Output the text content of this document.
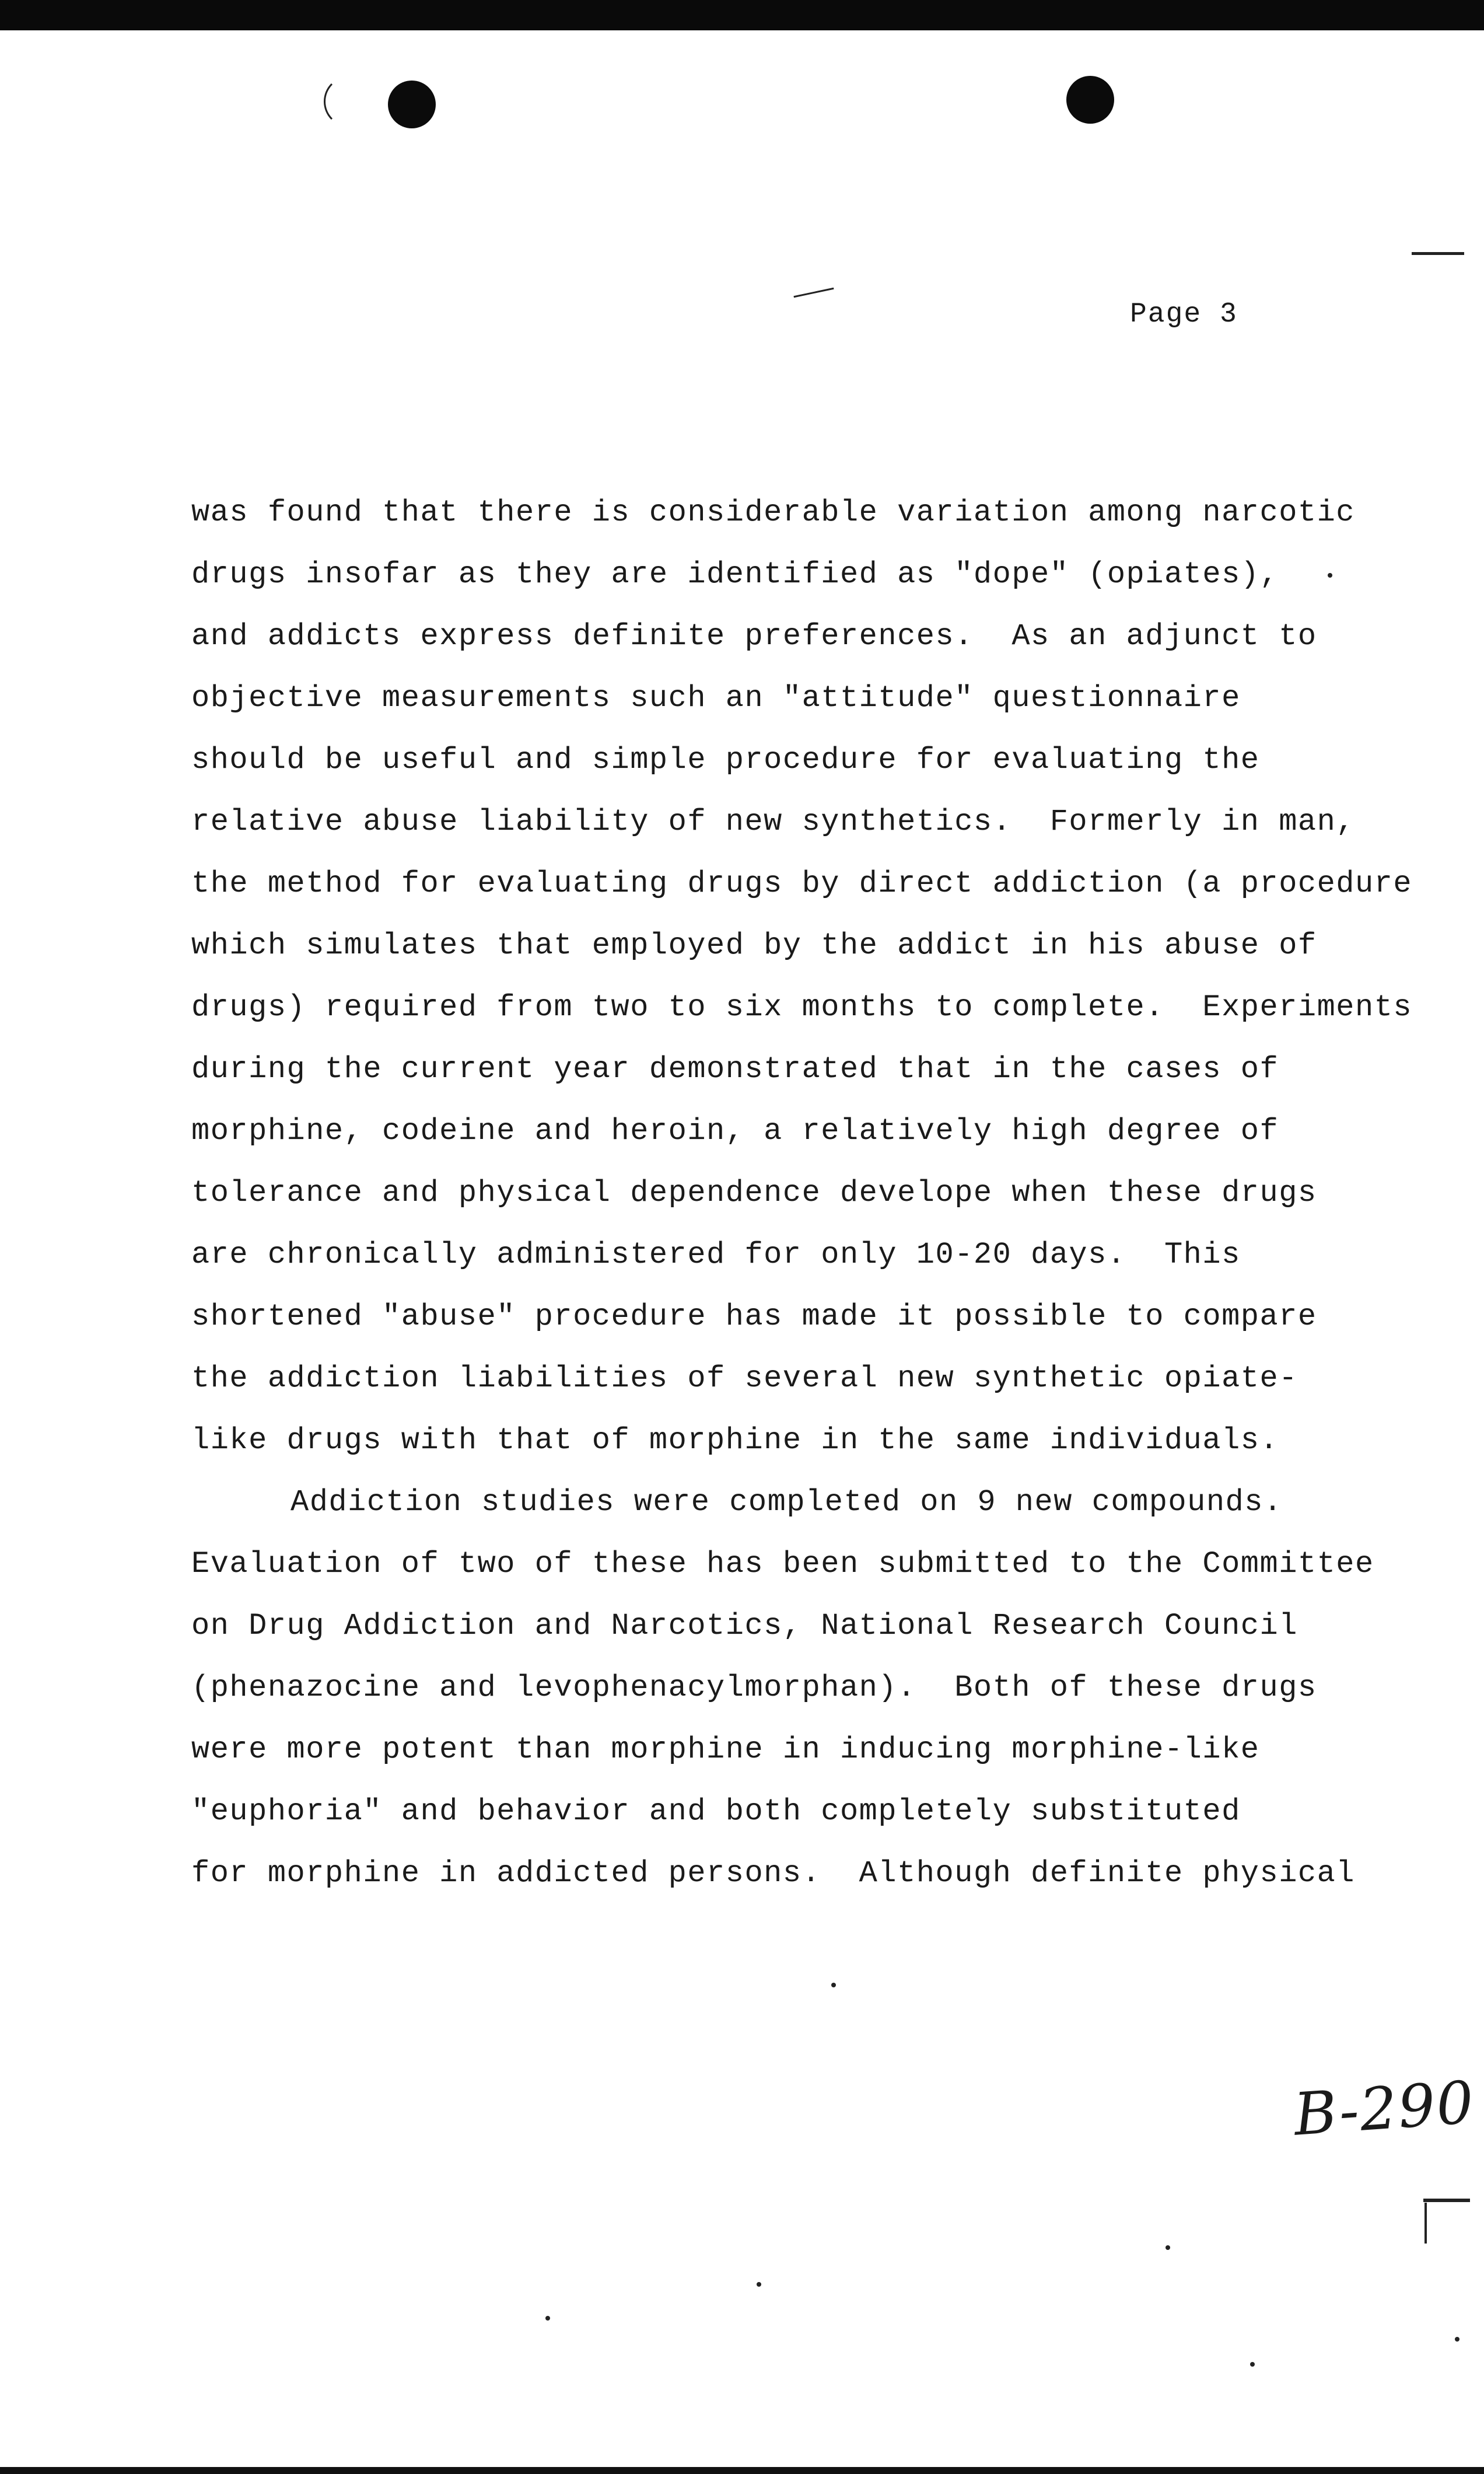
Page 3
was found that there is considerable variation among narcotic
drugs insofar as they are identified as "dope" (opiates),
and addicts express definite preferences.  As an adjunct to
objective measurements such an "attitude" questionnaire
should be useful and simple procedure for evaluating the
relative abuse liability of new synthetics.  Formerly in man,
the method for evaluating drugs by direct addiction (a procedure
which simulates that employed by the addict in his abuse of
drugs) required from two to six months to complete.  Experiments
during the current year demonstrated that in the cases of
morphine, codeine and heroin, a relatively high degree of
tolerance and physical dependence develope when these drugs
are chronically administered for only 10-20 days.  This
shortened "abuse" procedure has made it possible to compare
the addiction liabilities of several new synthetic opiate-
like drugs with that of morphine in the same individuals.
Addiction studies were completed on 9 new compounds.
Evaluation of two of these has been submitted to the Committee
on Drug Addiction and Narcotics, National Research Council
(phenazocine and levophenacylmorphan).  Both of these drugs
were more potent than morphine in inducing morphine-like
"euphoria" and behavior and both completely substituted
for morphine in addicted persons.  Although definite physical
B-290
